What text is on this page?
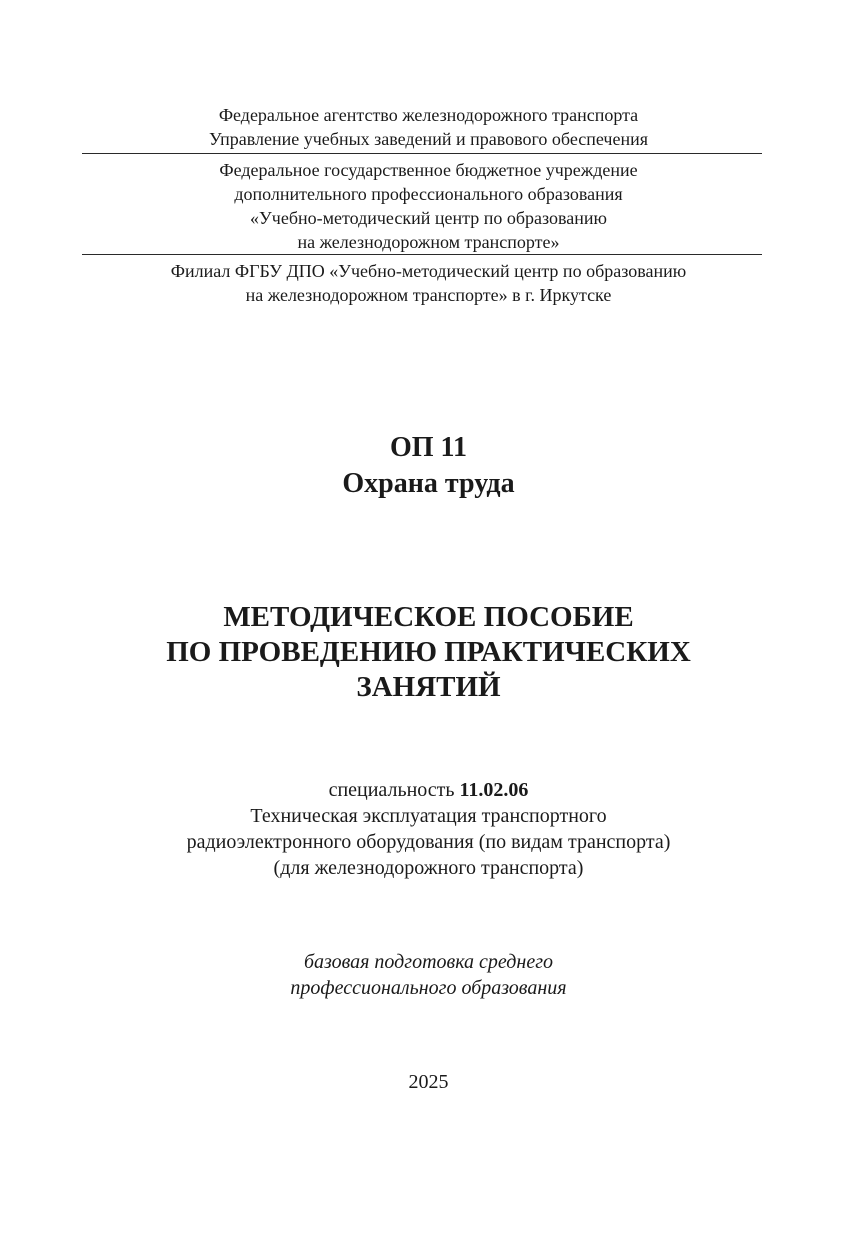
Федеральное агентство железнодорожного транспорта
Управление учебных заведений и правового обеспечения
Федеральное государственное бюджетное учреждение
дополнительного профессионального образования
«Учебно-методический центр по образованию
на железнодорожном транспорте»
Филиал ФГБУ ДПО «Учебно-методический центр по образованию
на железнодорожном транспорте» в г. Иркутске
ОП 11
Охрана труда
МЕТОДИЧЕСКОЕ ПОСОБИЕ
ПО ПРОВЕДЕНИЮ ПРАКТИЧЕСКИХ
ЗАНЯТИЙ
специальность 11.02.06
Техническая эксплуатация транспортного
радиоэлектронного оборудования (по видам транспорта)
(для железнодорожного транспорта)
базовая подготовка среднего
профессионального образования
2025
